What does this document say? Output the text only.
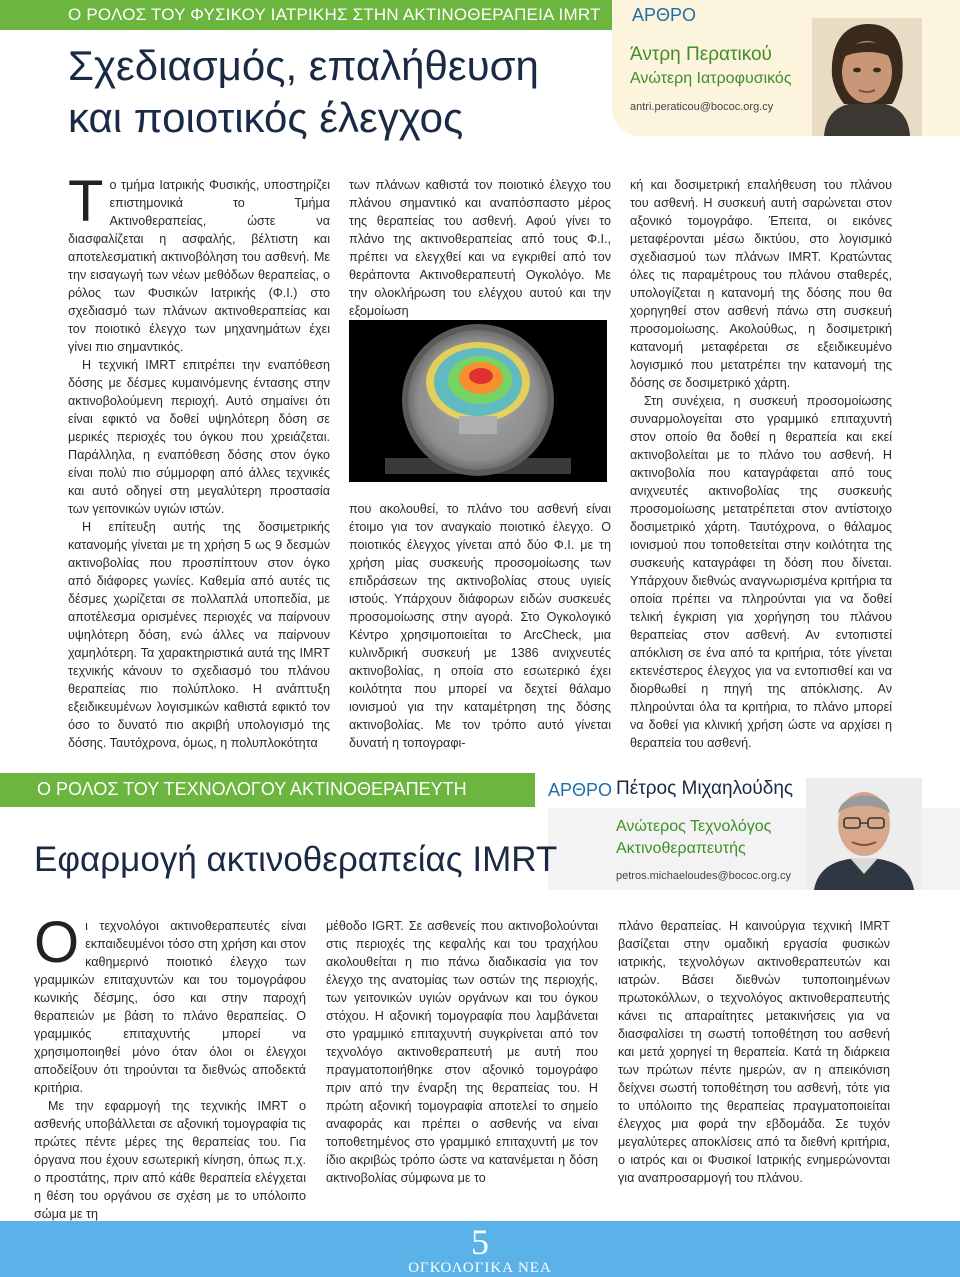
Ο ΡΟΛΟΣ ΤΟΥ ΦΥΣΙΚΟΥ ΙΑΤΡΙΚΗΣ ΣΤΗΝ ΑΚΤΙΝΟΘΕΡΑΠΕΙΑ IMRT ΑΡΘΡΟ
Άντρη Περατικού
Ανώτερη Ιατροφυσικός
antri.peraticou@bococ.org.cy
Σχεδιασμός, επαλήθευση
και ποιοτικός έλεγχος

Το τμήμα Ιατρικής Φυσικής, υποστηρίζει επιστημονικά το Τμήμα Ακτινοθεραπείας, ώστε να διασφαλίζεται η ασφαλής, βέλτιστη και αποτελεσματική ακτινοβόληση του ασθενή. Με την εισαγωγή των νέων μεθόδων θεραπείας, ο ρόλος των Φυσικών Ιατρικής (Φ.Ι.) στο σχεδιασμό των πλάνων ακτινοθεραπείας και τον ποιοτικό έλεγχο των μηχανημάτων έχει γίνει πιο σημαντικός.

Η τεχνική IMRT επιτρέπει την εναπόθεση δόσης με δέσμες κυμαινόμενης έντασης στην ακτινοβολούμενη περιοχή. Αυτό σημαίνει ότι είναι εφικτό να δοθεί υψηλότερη δόση σε μερικές περιοχές του όγκου που χρειάζεται. Παράλληλα, η εναπόθεση δόσης στον όγκο είναι πολύ πιο σύμμορφη από άλλες τεχνικές και αυτό οδηγεί στη μεγαλύτερη προστασία των γειτονικών υγιών ιστών.

Η επίτευξη αυτής της δοσιμετρικής κατανομής γίνεται με τη χρήση 5 ως 9 δεσμών ακτινοβολίας που προσπίπτουν στον όγκο από διάφορες γωνίες. Καθεμία από αυτές τις δέσμες χωρίζεται σε πολλαπλά υποπεδία, με αποτέλεσμα ορισμένες περιοχές να παίρνουν υψηλότερη δόση, ενώ άλλες να παίρνουν χαμηλότερη. Τα χαρακτηριστικά αυτά της IMRT τεχνικής κάνουν το σχεδιασμό του πλάνου θεραπείας πιο πολύπλοκο. Η ανάπτυξη εξειδικευμένων λογισμικών καθιστά εφικτό τον όσο το δυνατό πιο ακριβή υπολογισμό της δόσης. Ταυτόχρονα, όμως, η πολυπλοκότητα

των πλάνων καθιστά τον ποιοτικό έλεγχο του πλάνου σημαντικό και αναπόσπαστο μέρος της θεραπείας του ασθενή. Αφού γίνει το πλάνο της ακτινοθεραπείας από τους Φ.Ι., πρέπει να ελεγχθεί και να εγκριθεί από τον θεράποντα Ακτινοθεραπευτή Ογκολόγο. Με την ολοκλήρωση του ελέγχου αυτού και την εξομοίωση

που ακολουθεί, το πλάνο του ασθενή είναι έτοιμο για τον αναγκαίο ποιοτικό έλεγχο. Ο ποιοτικός έλεγχος γίνεται από δύο Φ.Ι. με τη χρήση μίας συσκευής προσομοίωσης των επιδράσεων της ακτινοβολίας στους υγιείς ιστούς. Υπάρχουν διάφορων ειδών συσκευές προσομοίωσης στην αγορά. Στο Ογκολογικό Κέντρο χρησιμοποιείται το ArcCheck, μια κυλινδρική συσκευή με 1386 ανιχνευτές ακτινοβολίας, η οποία στο εσωτερικό έχει κοιλότητα που μπορεί να δεχτεί θάλαμο ιονισμού για την καταμέτρηση της δόσης ακτινοβολίας. Με τον τρόπο αυτό γίνεται δυνατή η τοπογραφι-

κή και δοσιμετρική επαλήθευση του πλάνου του ασθενή. Η συσκευή αυτή σαρώνεται στον αξονικό τομογράφο. Έπειτα, οι εικόνες μεταφέρονται μέσω δικτύου, στο λογισμικό σχεδιασμού των πλάνων IMRT. Κρατώντας όλες τις παραμέτρους του πλάνου σταθερές, υπολογίζεται η κατανομή της δόσης που θα χορηγηθεί στον ασθενή πάνω στη συσκευή προσομοίωσης. Ακολούθως, η δοσιμετρική κατανομή μεταφέρεται σε εξειδικευμένο λογισμικό που μετατρέπει την κατανομή της δόσης σε δοσιμετρικό χάρτη.

Στη συνέχεια, η συσκευή προσομοίωσης συναρμολογείται στο γραμμικό επιταχυντή στον οποίο θα δοθεί η θεραπεία και εκεί ακτινοβολείται με το πλάνο του ασθενή. Η ακτινοβολία που καταγράφεται από τους ανιχνευτές ακτινοβολίας της συσκευής προσομοίωσης μετατρέπεται στον αντίστοιχο δοσιμετρικό χάρτη. Ταυτόχρονα, ο θάλαμος ιονισμού που τοποθετείται στην κοιλότητα της συσκευής καταγράφει τη δόση που δίνεται. Υπάρχουν διεθνώς αναγνωρισμένα κριτήρια τα οποία πρέπει να πληρούνται για να δοθεί τελική έγκριση για χορήγηση του πλάνου θεραπείας στον ασθενή. Αν εντοπιστεί απόκλιση σε ένα από τα κριτήρια, τότε γίνεται εκτενέστερος έλεγχος για να εντοπισθεί και να διορθωθεί η πηγή της απόκλισης. Αν πληρούνται όλα τα κριτήρια, το πλάνο μπορεί να δοθεί για κλινική χρήση ώστε να αρχίσει η θεραπεία του ασθενή.

Ο ΡΟΛΟΣ ΤΟΥ ΤΕΧΝΟΛΟΓΟΥ ΑΚΤΙΝΟΘΕΡΑΠΕΥΤΗ	ΑΡΘΡΟ Πέτρος Μιχαηλούδης
Ανώτερος Τεχνολόγος
Ακτινοθεραπευτής
petros.michaeloudes@bococ.org.cy
Εφαρμογή ακτινοθεραπείας IMRT

Οι τεχνολόγοι ακτινοθεραπευτές είναι εκπαιδευμένοι τόσο στη χρήση και στον καθημερινό ποιοτικό έλεγχο των γραμμικών επιταχυντών και του τομογράφου κωνικής δέσμης, όσο και στην παροχή θεραπειών με βάση το πλάνο θεραπείας. Ο γραμμικός επιταχυντής μπορεί να χρησιμοποιηθεί μόνο όταν όλοι οι έλεγχοι αποδείξουν ότι τηρούνται τα διεθνώς αποδεκτά κριτήρια.

Με την εφαρμογή της τεχνικής IMRT ο ασθενής υποβάλλεται σε αξονική τομογραφία τις πρώτες πέντε μέρες της θεραπείας του. Για όργανα που έχουν εσωτερική κίνηση, όπως π.χ. ο προστάτης, πριν από κάθε θεραπεία ελέγχεται η θέση του οργάνου σε σχέση με το υπόλοιπο σώμα με τη

μέθοδο IGRT. Σε ασθενείς που ακτινοβολούνται στις περιοχές της κεφαλής και του τραχήλου ακολουθείται η πιο πάνω διαδικασία για τον έλεγχο της ανατομίας των οστών της περιοχής, των γειτονικών υγιών οργάνων και του όγκου στόχου. Η αξονική τομογραφία που λαμβάνεται στο γραμμικό επιταχυντή συγκρίνεται από τον τεχνολόγο ακτινοθεραπευτή με αυτή που πραγματοποιήθηκε στον αξονικό τομογράφο πριν από την έναρξη της θεραπείας του. Η πρώτη αξονική τομογραφία αποτελεί το σημείο αναφοράς και πρέπει ο ασθενής να είναι τοποθετημένος στο γραμμικό επιταχυντή με τον ίδιο ακριβώς τρόπο ώστε να κατανέμεται η δόση ακτινοβολίας σύμφωνα με το

πλάνο θεραπείας. Η καινούργια τεχνική IMRT βασίζεται στην ομαδική εργασία φυσικών ιατρικής, τεχνολόγων ακτινοθεραπευτών και ιατρών. Βάσει διεθνών τυποποιημένων πρωτοκόλλων, ο τεχνολόγος ακτινοθεραπευτής κάνει τις απαραίτητες μετακινήσεις για να διασφαλίσει τη σωστή τοποθέτηση του ασθενή και μετά χορηγεί τη θεραπεία. Κατά τη διάρκεια των πρώτων πέντε ημερών, αν η απεικόνιση δείχνει σωστή τοποθέτηση του ασθενή, τότε για το υπόλοιπο της θεραπείας πραγματοποιείται έλεγχος μια φορά την εβδομάδα. Σε τυχόν μεγαλύτερες αποκλίσεις από τα διεθνή κριτήρια, ο ιατρός και οι Φυσικοί Ιατρικής ενημερώνονται για αναπροσαρμογή του πλάνου.

5
ΟΓΚΟΛΟΓΙΚΑ ΝΕΑ
